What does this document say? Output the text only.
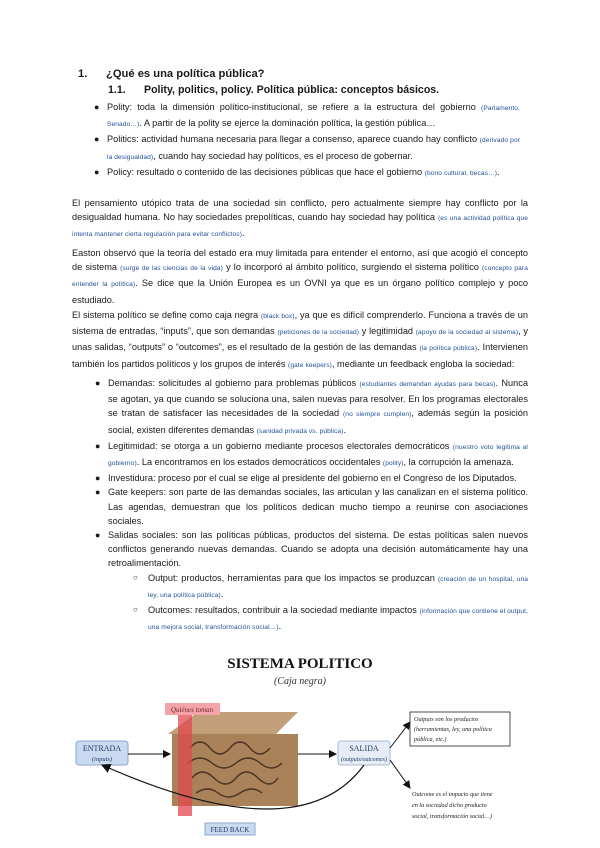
1. ¿Qué es una política pública?
1.1. Polity, politics, policy. Política pública: conceptos básicos.
● Polity: toda la dimensión político-institucional, se refiere a la estructura del gobierno (Parlamento, Senado…). A partir de la polity se ejerce la dominación política, la gestión pública…
● Politics: actividad humana necesaria para llegar a consenso, aparece cuando hay conflicto (derivado por la desigualdad), cuando hay sociedad hay políticos, es el proceso de gobernar.
● Policy: resultado o contenido de las decisiones públicas que hace el gobierno (bono cultural, becas…).
El pensamiento utópico trata de una sociedad sin conflicto, pero actualmente siempre hay conflicto por la desigualdad humana. No hay sociedades prepolíticas, cuando hay sociedad hay política (es una actividad política que intenta mantener cierta regulación para evitar conflictos).
Easton observó que la teoría del estado era muy limitada para entender el entorno, así que acogió el concepto de sistema (surge de las ciencias de la vida) y lo incorporó al ámbito político, surgiendo el sistema político (concepto para entender la política). Se dice que la Unión Europea es un OVNI ya que es un órgano político complejo y poco estudiado.
El sistema político se define como caja negra (black box), ya que es difícil comprenderlo. Funciona a través de un sistema de entradas, “inputs”, que son demandas (peticiones de la sociedad) y legitimidad (apoyo de la sociedad al sistema), y unas salidas, “outputs” o “outcomes”, es el resultado de la gestión de las demandas (la política pública). Intervienen también los partidos políticos y los grupos de interés (gate keepers), mediante un feedback engloba la sociedad:
● Demandas: solicitudes al gobierno para problemas públicos (estudiantes demandan ayudas para becas). Nunca se agotan, ya que cuando se soluciona una, salen nuevas para resolver. En los programas electorales se tratan de satisfacer las necesidades de la sociedad (no siempre cumplen), además según la posición social, existen diferentes demandas (sanidad privada vs. pública).
● Legitimidad: se otorga a un gobierno mediante procesos electorales democráticos (nuestro voto legitima al gobierno). La encontramos en los estados democráticos occidentales (polity), la corrupción la amenaza.
● Investidura: proceso por el cual se elige al presidente del gobierno en el Congreso de los Diputados.
● Gate keepers: son parte de las demandas sociales, las articulan y las canalizan en el sistema político. Las agendas, demuestran que los políticos dedican mucho tiempo a reunirse con asociaciones sociales.
● Salidas sociales: son las políticas públicas, productos del sistema. De estas políticas salen nuevos conflictos generando nuevas demandas. Cuando se adopta una decisión automáticamente hay una retroalimentación.
○ Output: productos, herramientas para que los impactos se produzcan (creación de un hospital, una ley, una política pública).
○ Outcomes: resultados, contribuir a la sociedad mediante impactos (información que contiene el output, una mejora social, transformación social…).
SISTEMA POLITICO
(Caja negra)
Quiénes toman
ENTRADA
(inputs)
SALIDA
(outputs/outcomes)
Outputs son los productos
(herramientas, ley, una política
pública, etc.)
Outcome es el impacto que tiene
en la sociedad dicho producto
social, transformación social…)
FEED BACK
